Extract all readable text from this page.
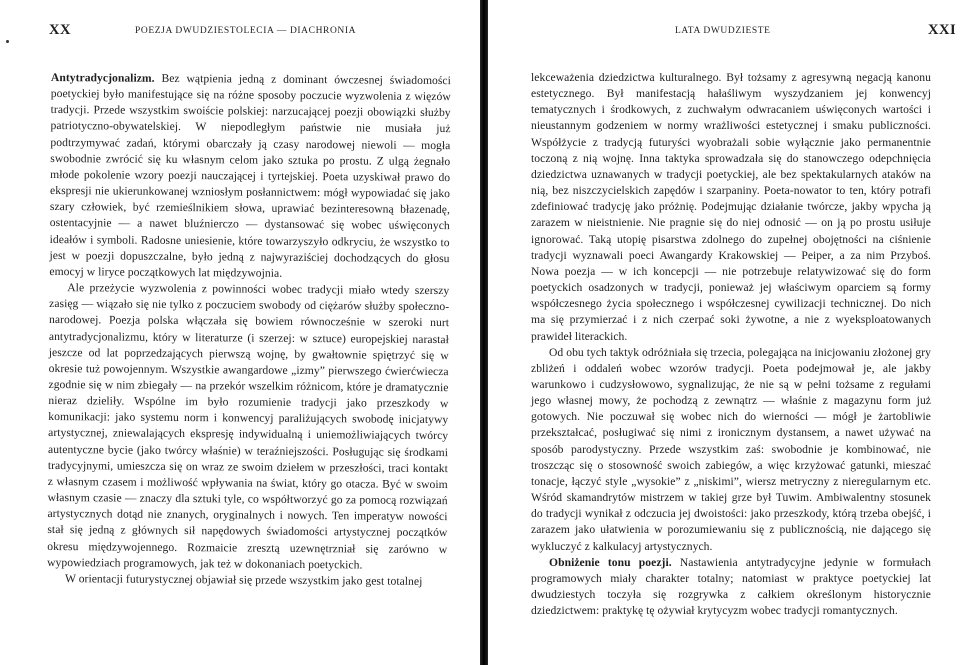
XX	POEZJA DWUDZIESTOLECIA — DIACHRONIA

Antytradycjonalizm. Bez wątpienia jedną z dominant ówczesnej świadomości poetyckiej było manifestujące się na różne sposoby poczucie wyzwolenia z więzów tradycji. Przede wszystkim swoiście polskiej: narzucającej poezji obowiązki służby patriotyczno-obywatelskiej. W niepodległym państwie nie musiała już podtrzymywać zadań, którymi obarczały ją czasy narodowej niewoli — mogła swobodnie zwrócić się ku własnym celom jako sztuka po prostu. Z ulgą żegnało młode pokolenie wzory poezji nauczającej i tyrtejskiej. Poeta uzyskiwał prawo do ekspresji nie ukierunkowanej wzniosłym posłannictwem: mógł wypowiadać się jako szary człowiek, być rzemieślnikiem słowa, uprawiać bezinteresowną błazenadę, ostentacyjnie — a nawet bluźnierczo — dystansować się wobec uświęconych ideałów i symboli. Radosne uniesienie, które towarzyszyło odkryciu, że wszystko to jest w poezji dopuszczalne, było jedną z najwyraziściej dochodzących do głosu emocyj w liryce początkowych lat międzywojnia.

Ale przeżycie wyzwolenia z powinności wobec tradycji miało wtedy szerszy zasięg — wiązało się nie tylko z poczuciem swobody od ciężarów służby społeczno-narodowej. Poezja polska włączała się bowiem równocześnie w szeroki nurt antytradycjonalizmu, który w literaturze (i szerzej: w sztuce) europejskiej narastał jeszcze od lat poprzedzających pierwszą wojnę, by gwałtownie spiętrzyć się w okresie tuż powojennym. Wszystkie awangardowe „izmy” pierwszego ćwierćwiecza zgodnie się w nim zbiegały — na przekór wszelkim różnicom, które je dramatycznie nieraz dzieliły. Wspólne im było rozumienie tradycji jako przeszkody w komunikacji: jako systemu norm i konwencyj paraliżujących swobodę inicjatywy artystycznej, zniewalających ekspresję indywidualną i uniemożliwiających twórcy autentyczne bycie (jako twórcy właśnie) w teraźniejszości. Posługując się środkami tradycyjnymi, umieszcza się on wraz ze swoim dziełem w przeszłości, traci kontakt z własnym czasem i możliwość wpływania na świat, który go otacza. Być w swoim własnym czasie — znaczy dla sztuki tyle, co współtworzyć go za pomocą rozwiązań artystycznych dotąd nie znanych, oryginalnych i nowych. Ten imperatyw nowości stał się jedną z głównych sił napędowych świadomości artystycznej początków okresu międzywojennego. Rozmaicie zresztą uzewnętrzniał się zarówno w wypowiedziach programowych, jak też w dokonaniach poetyckich.

W orientacji futurystycznej objawiał się przede wszystkim jako gest totalnej

LATA DWUDZIESTE	XXI

lekceważenia dziedzictwa kulturalnego. Był tożsamy z agresywną negacją kanonu estetycznego. Był manifestacją hałaśliwym wyszydzaniem jej konwencyj tematycznych i środkowych, z zuchwałym odwracaniem uświęconych wartości i nieustannym godzeniem w normy wrażliwości estetycznej i smaku publiczności. Współżycie z tradycją futuryści wyobrażali sobie wyłącznie jako permanentnie toczoną z nią wojnę. Inna taktyka sprowadzała się do stanowczego odepchnięcia dziedzictwa uznawanych w tradycji poetyckiej, ale bez spektakularnych ataków na nią, bez niszczycielskich zapędów i szarpaniny. Poeta-nowator to ten, który potrafi zdefiniować tradycję jako próżnię. Podejmując działanie twórcze, jakby wpycha ją zarazem w nieistnienie. Nie pragnie się do niej odnosić — on ją po prostu usiłuje ignorować. Taką utopię pisarstwa zdolnego do zupełnej obojętności na ciśnienie tradycji wyznawali poeci Awangardy Krakowskiej — Peiper, a za nim Przyboś. Nowa poezja — w ich koncepcji — nie potrzebuje relatywizować się do form poetyckich osadzonych w tradycji, ponieważ jej właściwym oparciem są formy współczesnego życia społecznego i współczesnej cywilizacji technicznej. Do nich ma się przymierzać i z nich czerpać soki żywotne, a nie z wyeksploatowanych prawideł literackich.

Od obu tych taktyk odróżniała się trzecia, polegająca na inicjowaniu złożonej gry zbliżeń i oddaleń wobec wzorów tradycji. Poeta podejmował je, ale jakby warunkowo i cudzysłowowo, sygnalizując, że nie są w pełni tożsame z regułami jego własnej mowy, że pochodzą z zewnątrz — właśnie z magazynu form już gotowych. Nie poczuwał się wobec nich do wierności — mógł je żartobliwie przekształcać, posługiwać się nimi z ironicznym dystansem, a nawet używać na sposób parodystyczny. Przede wszystkim zaś: swobodnie je kombinować, nie troszcząc się o stosowność swoich zabiegów, a więc krzyżować gatunki, mieszać tonacje, łączyć style „wysokie” z „niskimi”, wiersz metryczny z nieregularnym etc. Wśród skamandrytów mistrzem w takiej grze był Tuwim. Ambiwalentny stosunek do tradycji wynikał z odczucia jej dwoistości: jako przeszkody, którą trzeba obejść, i zarazem jako ułatwienia w porozumiewaniu się z publicznością, nie dającego się wykluczyć z kalkulacyj artystycznych.

Obniżenie tonu poezji. Nastawienia antytradycyjne jedynie w formułach programowych miały charakter totalny; natomiast w praktyce poetyckiej lat dwudziestych toczyła się rozgrywka z całkiem określonym historycznie dziedzictwem: praktykę tę ożywiał krytycyzm wobec tradycji romantycznych.
